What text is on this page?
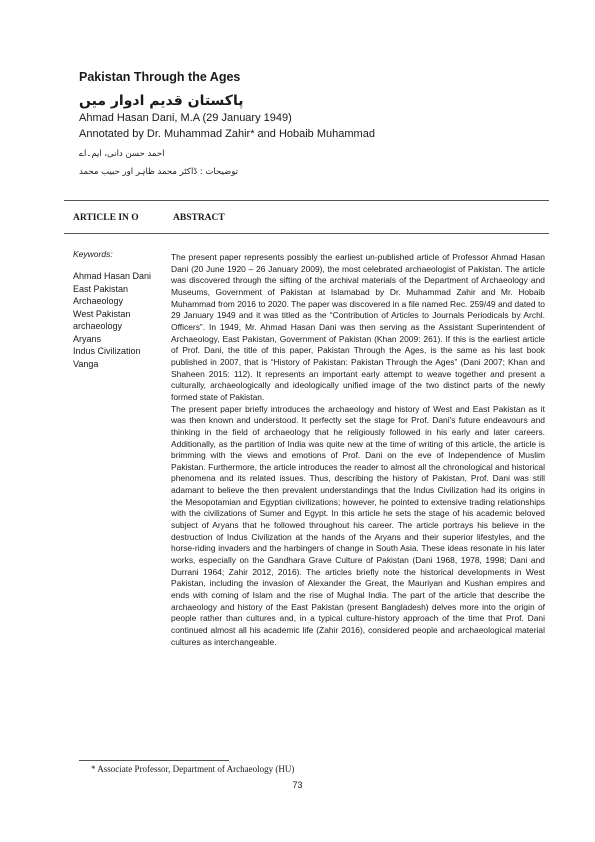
Pakistan Through the Ages
پاکستان قدیم ادوار میں
Ahmad Hasan Dani, M.A (29 January 1949)
Annotated by Dr. Muhammad Zahir* and Hobaib Muhammad
احمد حسن دانی، ایم۔اے
توضیحات : ڈاکٹر محمد ظاہر اور حبیب محمد
ARTICLE IN O	ABSTRACT
Keywords:
Ahmad Hasan Dani
East Pakistan
Archaeology
West Pakistan
archaeology
Aryans
Indus Civilization
Vanga

The present paper represents possibly the earliest un-published article of Professor Ahmad Hasan Dani (20 June 1920 – 26 January 2009), the most celebrated archaeologist of Pakistan. The article was discovered through the sifting of the archival materials of the Department of Archaeology and Museums, Government of Pakistan at Islamabad by Dr. Muhammad Zahir and Mr. Hobaib Muhammad from 2016 to 2020. The paper was discovered in a file named Rec. 259/49 and dated to 29 January 1949 and it was titled as the “Contribution of Articles to Journals Periodicals by Archl. Officers”. In 1949, Mr. Ahmad Hasan Dani was then serving as the Assistant Superintendent of Archaeology, East Pakistan, Government of Pakistan (Khan 2009: 261). If this is the earliest article of Prof. Dani, the title of this paper, Pakistan Through the Ages, is the same as his last book published in 2007, that is “History of Pakistan: Pakistan Through the Ages” (Dani 2007; Khan and Shaheen 2015: 112). It represents an important early attempt to weave together and present a culturally, archaeologically and ideologically unified image of the two distinct parts of the newly formed state of Pakistan.

The present paper briefly introduces the archaeology and history of West and East Pakistan as it was then known and understood. It perfectly set the stage for Prof. Dani’s future endeavours and thinking in the field of archaeology that he religiously followed in his early and later careers. Additionally, as the partition of India was quite new at the time of writing of this article, the article is brimming with the views and emotions of Prof. Dani on the eve of Independence of Muslim Pakistan. Furthermore, the article introduces the reader to almost all the chronological and historical phenomena and its related issues. Thus, describing the history of Pakistan, Prof. Dani was still adamant to believe the then prevalent understandings that the Indus Civilization had its origins in the Mesopotamian and Egyptian civilizations; however, he pointed to extensive trading relationships with the civilizations of Sumer and Egypt. In this article he sets the stage of his academic beloved subject of Aryans that he followed throughout his career. The article portrays his believe in the destruction of Indus Civilization at the hands of the Aryans and their superior lifestyles, and the horse-riding invaders and the harbingers of change in South Asia. These ideas resonate in his later works, especially on the Gandhara Grave Culture of Pakistan (Dani 1968, 1978, 1998; Dani and Durrani 1964; Zahir 2012, 2016). The articles briefly note the historical developments in West Pakistan, including the invasion of Alexander the Great, the Mauriyan and Kushan empires and ends with coming of Islam and the rise of Mughal India. The part of the article that describe the archaeology and history of the East Pakistan (present Bangladesh) delves more into the origin of people rather than cultures and, in a typical culture-history approach of the time that Prof. Dani continued almost all his academic life (Zahir 2016), considered people and archaeological material cultures as interchangeable.

* Associate Professor, Department of Archaeology (HU)
73
